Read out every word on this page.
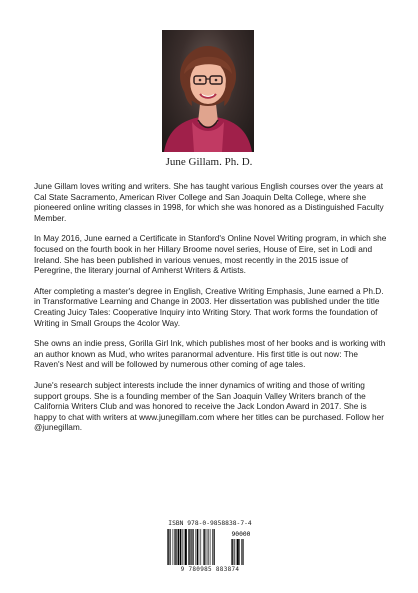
June Gillam. Ph. D.

June Gillam loves writing and writers. She has taught various English courses over the years at Cal State Sacramento, American River College and San Joaquin Delta College, where she pioneered online writing classes in 1998, for which she was honored as a Distinguished Faculty Member.

In May 2016, June earned a Certificate in Stanford's Online Novel Writing program, in which she focused on the fourth book in her Hillary Broome novel series, House of Eire, set in Lodi and Ireland. She has been published in various venues, most recently in the 2015 issue of Peregrine, the literary journal of Amherst Writers & Artists.

After completing a master's degree in English, Creative Writing Emphasis, June earned a Ph.D. in Transformative Learning and Change in 2003. Her dissertation was published under the title Creating Juicy Tales: Cooperative Inquiry into Writing Story. That work forms the foundation of Writing in Small Groups the 4color Way.

She owns an indie press, Gorilla Girl Ink, which publishes most of her books and is working with an author known as Mud, who writes paranormal adventure. His first title is out now: The Raven's Nest and will be followed by numerous other coming of age tales.

June's research subject interests include the inner dynamics of writing and those of writing support groups. She is a founding member of the San Joaquin Valley Writers branch of the California Writers Club and was honored to receive the Jack London Award in 2017. She is happy to chat with writers at www.junegillam.com where her titles can be purchased. Follow her @junegillam.

ISBN 978-0-9858838-7-4
90000
9 780985 883874
